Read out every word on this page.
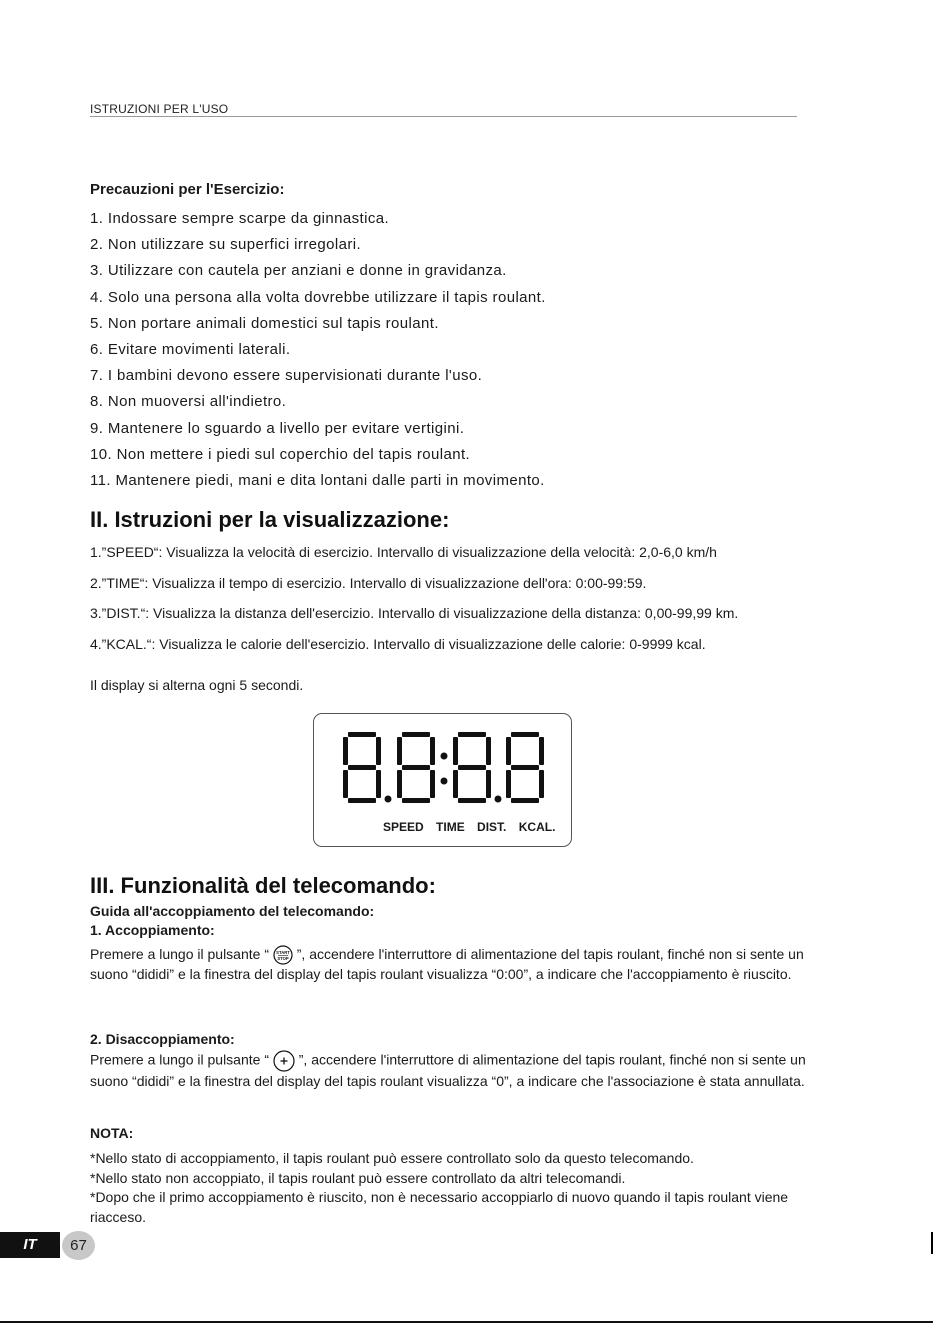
ISTRUZIONI PER L'USO
Precauzioni per l'Esercizio:
1. Indossare sempre scarpe da ginnastica.
2. Non utilizzare su superfici irregolari.
3. Utilizzare con cautela per anziani e donne in gravidanza.
4. Solo una persona alla volta dovrebbe utilizzare il tapis roulant.
5. Non portare animali domestici sul tapis roulant.
6. Evitare movimenti laterali.
7. I bambini devono essere supervisionati durante l'uso.
8. Non muoversi all'indietro.
9. Mantenere lo sguardo a livello per evitare vertigini.
10. Non mettere i piedi sul coperchio del tapis roulant.
11. Mantenere piedi, mani e dita lontani dalle parti in movimento.
II. Istruzioni per la visualizzazione:
1.”SPEED“: Visualizza la velocità di esercizio. Intervallo di visualizzazione della velocità: 2,0-6,0 km/h
2.”TIME“: Visualizza il tempo di esercizio. Intervallo di visualizzazione dell'ora: 0:00-99:59.
3.”DIST.“: Visualizza la distanza dell'esercizio. Intervallo di visualizzazione della distanza: 0,00-99,99 km.
4.”KCAL.“: Visualizza le calorie dell'esercizio. Intervallo di visualizzazione delle calorie: 0-9999 kcal.
Il display si alterna ogni 5 secondi.
SPEED TIME DIST. KCAL.
III. Funzionalità del telecomando:
Guida all'accoppiamento del telecomando:
1. Accoppiamento:
Premere a lungo il pulsante “ START
STOP ”, accendere l'interruttore di alimentazione del tapis roulant, finché non si sente un suono “dididi” e la finestra del display del tapis roulant visualizza “0:00”, a indicare che l'accoppiamento è riuscito.
2. Disaccoppiamento:
Premere a lungo il pulsante “  ”, accendere l'interruttore di alimentazione del tapis roulant, finché non si sente un suono “dididi” e la finestra del display del tapis roulant visualizza “0”, a indicare che l'associazione è stata annullata.
NOTA:
*Nello stato di accoppiamento, il tapis roulant può essere controllato solo da questo telecomando.
*Nello stato non accoppiato, il tapis roulant può essere controllato da altri telecomandi.
*Dopo che il primo accoppiamento è riuscito, non è necessario accoppiarlo di nuovo quando il tapis roulant viene riacceso.
IT	67
